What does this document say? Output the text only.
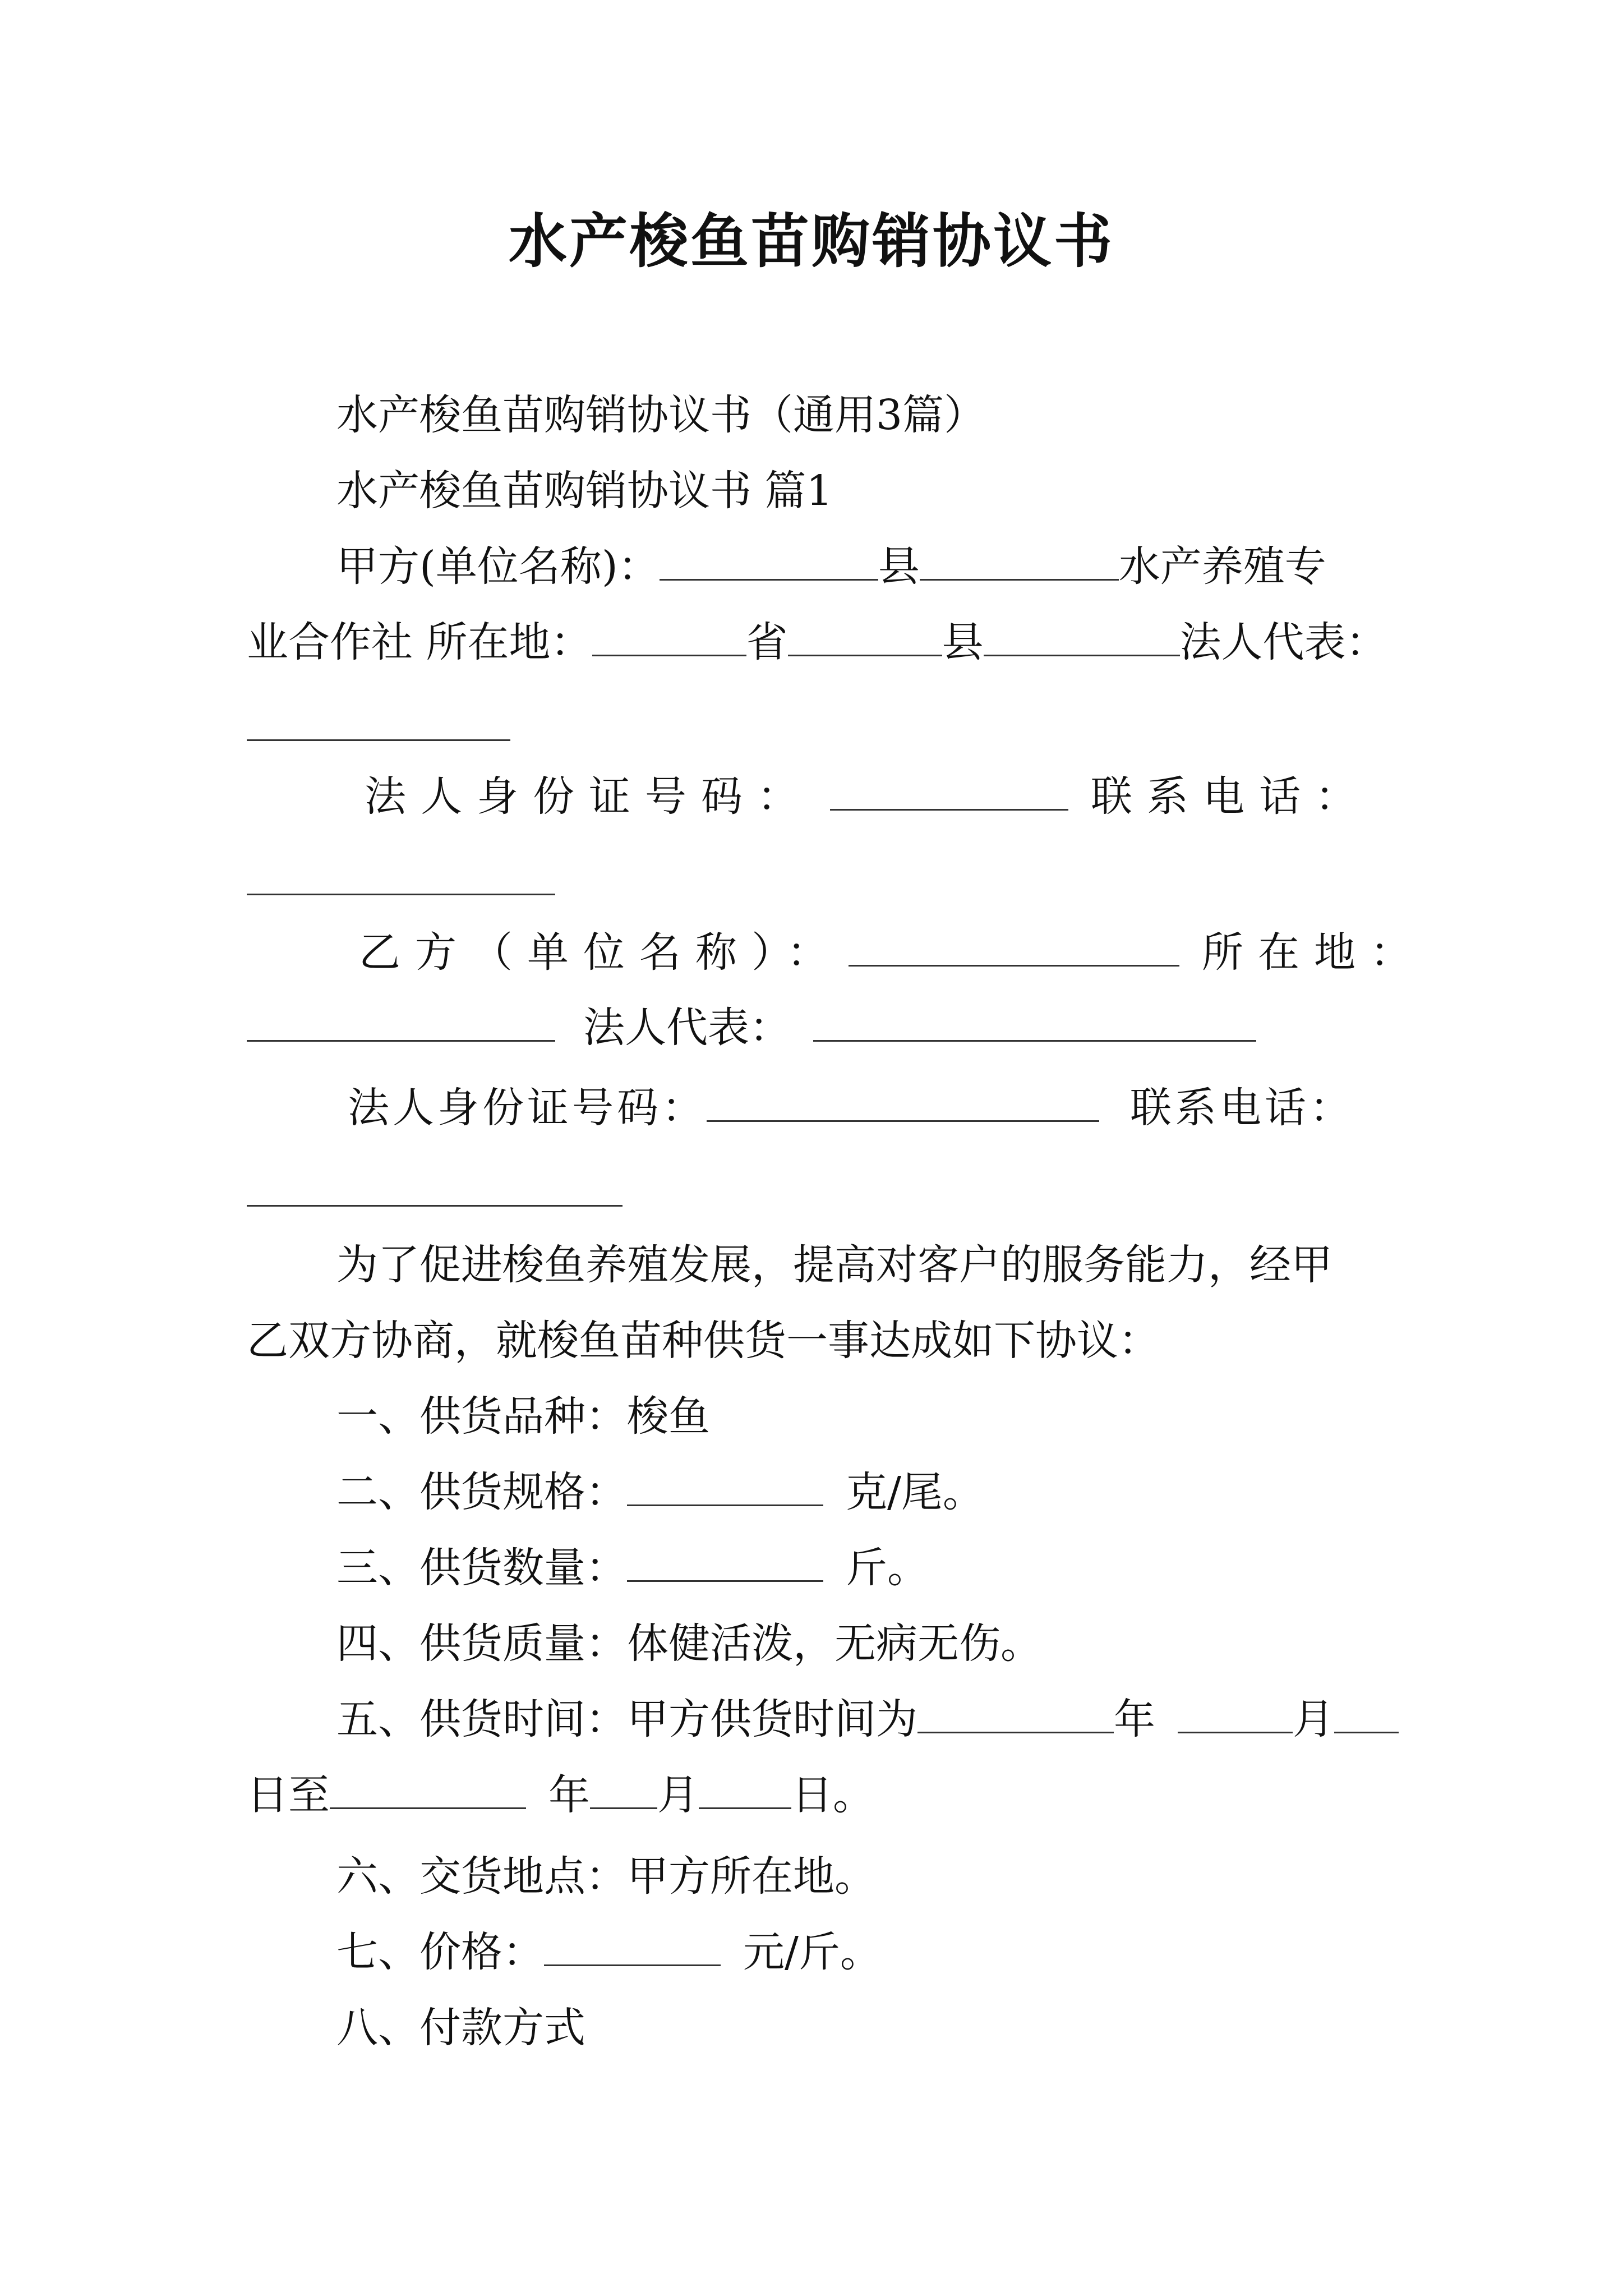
水产梭鱼苗购销协议书
水产梭鱼苗购销协议书（通用3篇）
水产梭鱼苗购销协议书 篇1
甲方(单位名称)：	县	水产养殖专
业合作社 所在地：	省	县	法人代表：
法人身份证号码：	联系电话：
乙方（单位名称）：	所在地：
法人代表：
法人身份证号码：	联系电话：
为了促进梭鱼养殖发展，提高对客户的服务能力，经甲
乙双方协商，就梭鱼苗种供货一事达成如下协议：
一、供货品种：梭鱼
二、供货规格：	克/尾。
三、供货数量：	斤。
四、供货质量：体健活泼，无病无伤。
五、供货时间：甲方供货时间为	年	月
日至	年 月 日。
六、交货地点：甲方所在地。
七、价格：	元/斤。
八、付款方式
